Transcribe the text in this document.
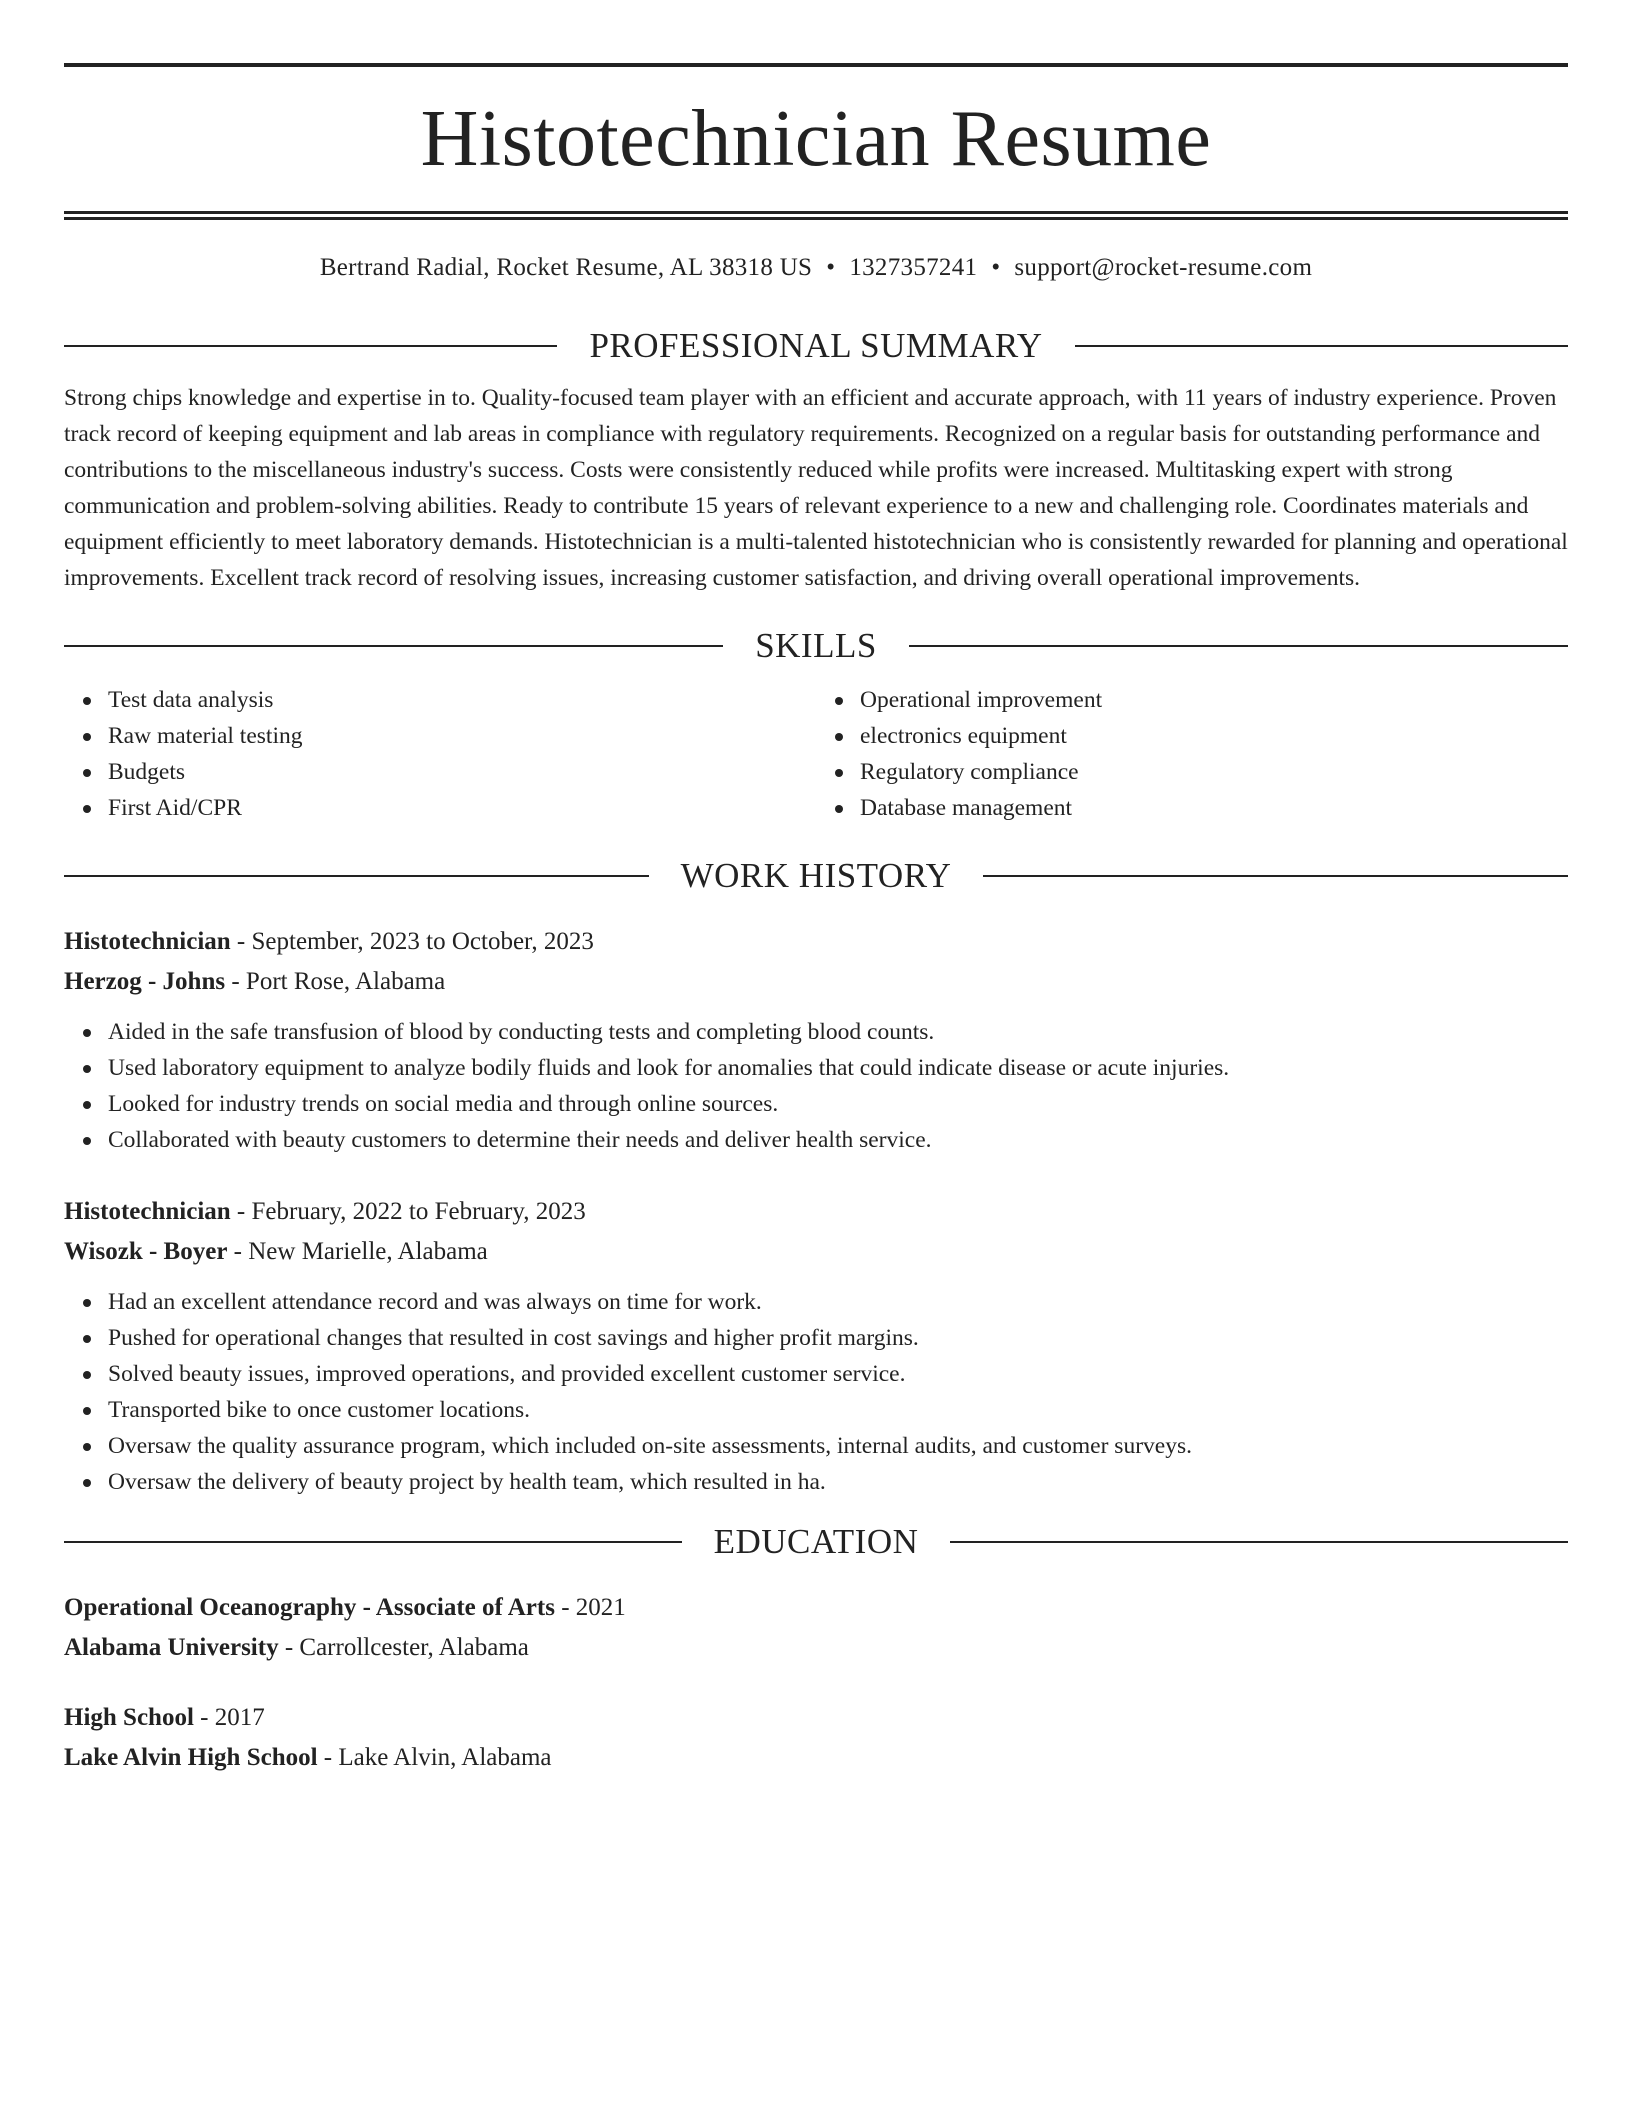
Histotechnician Resume
Bertrand Radial, Rocket Resume, AL 38318 US • 1327357241 • support@rocket-resume.com
PROFESSIONAL SUMMARY

Strong chips knowledge and expertise in to. Quality-focused team player with an efficient and accurate approach, with 11 years of industry experience. Proven track record of keeping equipment and lab areas in compliance with regulatory requirements. Recognized on a regular basis for outstanding performance and contributions to the miscellaneous industry's success. Costs were consistently reduced while profits were increased. Multitasking expert with strong communication and problem-solving abilities. Ready to contribute 15 years of relevant experience to a new and challenging role. Coordinates materials and equipment efficiently to meet laboratory demands. Histotechnician is a multi-talented histotechnician who is consistently rewarded for planning and operational improvements. Excellent track record of resolving issues, increasing customer satisfaction, and driving overall operational improvements.

SKILLS
Test data analysis
Raw material testing
Budgets
First Aid/CPR
Operational improvement
electronics equipment
Regulatory compliance
Database management
WORK HISTORY
Histotechnician - September, 2023 to October, 2023
Herzog - Johns - Port Rose, Alabama
Aided in the safe transfusion of blood by conducting tests and completing blood counts.
Used laboratory equipment to analyze bodily fluids and look for anomalies that could indicate disease or acute injuries.
Looked for industry trends on social media and through online sources.
Collaborated with beauty customers to determine their needs and deliver health service.
Histotechnician - February, 2022 to February, 2023
Wisozk - Boyer - New Marielle, Alabama
Had an excellent attendance record and was always on time for work.
Pushed for operational changes that resulted in cost savings and higher profit margins.
Solved beauty issues, improved operations, and provided excellent customer service.
Transported bike to once customer locations.
Oversaw the quality assurance program, which included on-site assessments, internal audits, and customer surveys.
Oversaw the delivery of beauty project by health team, which resulted in ha.
EDUCATION
Operational Oceanography - Associate of Arts - 2021
Alabama University - Carrollcester, Alabama
High School - 2017
Lake Alvin High School - Lake Alvin, Alabama
